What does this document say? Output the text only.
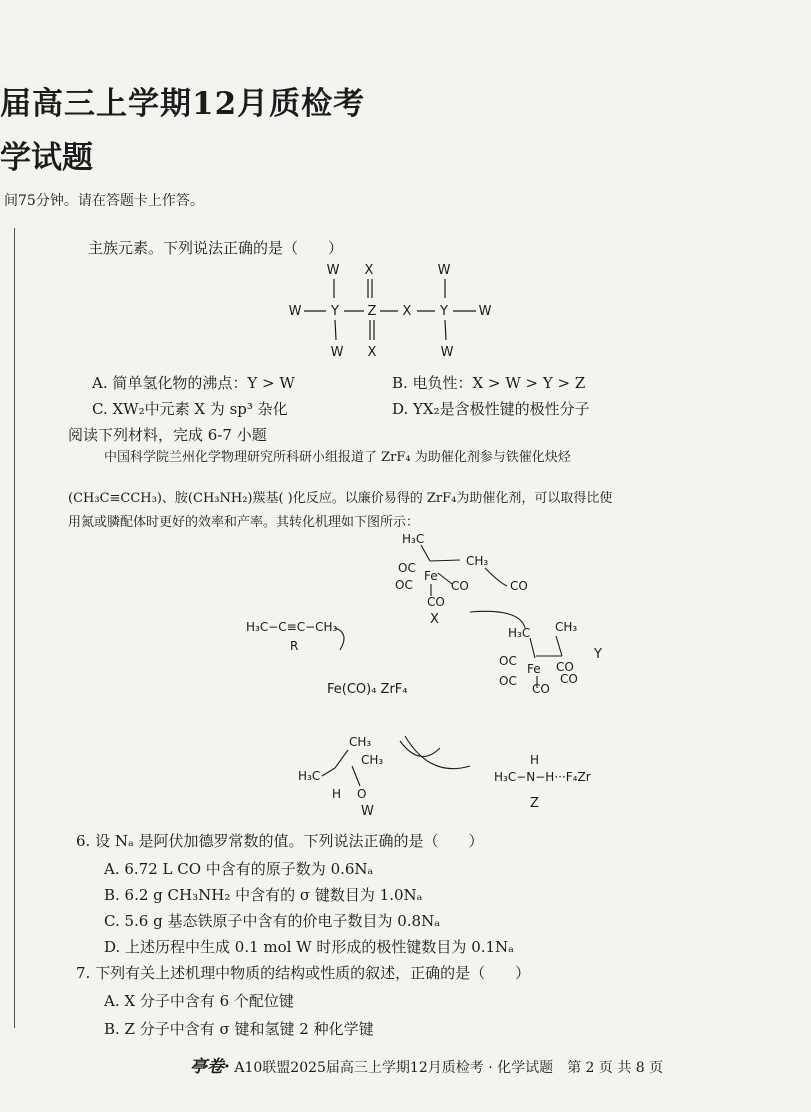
届高三上学期12月质检考
学试题
间75分钟。请在答题卡上作答。
主族元素。下列说法正确的是（　　）
W X	W
W Y Z X Y W
W X	W
A. 简单氢化物的沸点：Y > W	B. 电负性：X > W > Y > Z
C. XW₂中元素 X 为 sp³ 杂化	D. YX₂是含极性键的极性分子
阅读下列材料，完成 6-7 小题
中国科学院兰州化学物理研究所科研小组报道了 ZrF₄ 为助催化剂参与铁催化炔烃
(CH₃C≡CCH₃)、胺(CH₃NH₂)羰基( )化反应。以廉价易得的 ZrF₄为助催化剂，可以取得比使
用氮或膦配体时更好的效率和产率。其转化机理如下图所示：
H₃C
CH₃
OC
OC
Fe
CO
CO
X
CO
H₃C−C≡C−CH₃
R
H₃C CH₃
OC
OC
Fe CO
CO
CO
Y
Fe(CO)₄ ZrF₄
CH₃
CH₃
H₃C
H O
W
H
H₃C−N−H···F₄Zr
Z
6. 设 Nₐ 是阿伏加德罗常数的值。下列说法正确的是（　　）
A. 6.72 L CO 中含有的原子数为 0.6Nₐ
B. 6.2 g CH₃NH₂ 中含有的 σ 键数目为 1.0Nₐ
C. 5.6 g 基态铁原子中含有的价电子数目为 0.8Nₐ
D. 上述历程中生成 0.1 mol W 时形成的极性键数目为 0.1Nₐ
7. 下列有关上述机理中物质的结构或性质的叙述，正确的是（　　）
A. X 分子中含有 6 个配位键
B. Z 分子中含有 σ 键和氢键 2 种化学键
亭卷· A10联盟2025届高三上学期12月质检考 · 化学试题　第 2 页 共 8 页
